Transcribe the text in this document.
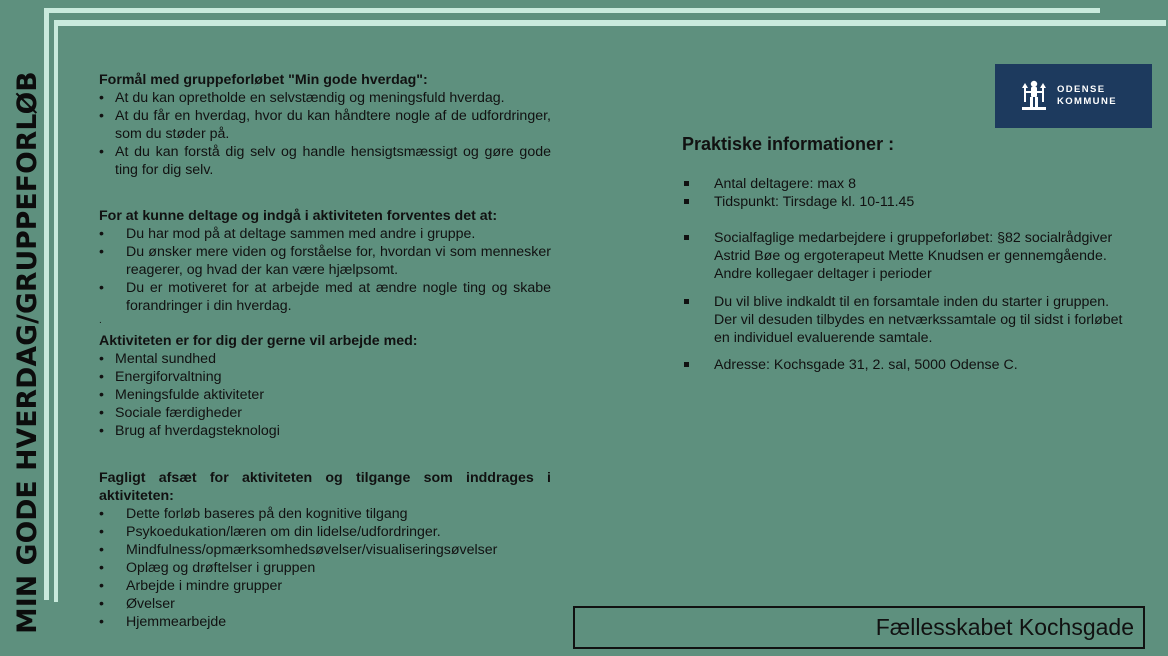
MIN GODE HVERDAG/GRUPPEFORLØB	Formål med gruppeforløbet "Min gode hverdag":
• At du kan opretholde en selvstændig og meningsfuld hverdag.
• At du får en hverdag, hvor du kan håndtere nogle af de udfordringer, som du støder på.
• At du kan forstå dig selv og handle hensigtsmæssigt og gøre gode ting for dig selv.
For at kunne deltage og indgå i aktiviteten forventes det at:
• Du har mod på at deltage sammen med andre i gruppe.
• Du ønsker mere viden og forståelse for, hvordan vi som mennesker reagerer, og hvad der kan være hjælpsomt.
• Du er motiveret for at arbejde med at ændre nogle ting og skabe forandringer i din hverdag.
.
Aktiviteten er for dig der gerne vil arbejde med:
• Mental sundhed
• Energiforvaltning
• Meningsfulde aktiviteter
• Sociale færdigheder
• Brug af hverdagsteknologi
Fagligt afsæt for aktiviteten og tilgange som inddrages i aktiviteten:
• Dette forløb baseres på den kognitive tilgang
• Psykoedukation/læren om din lidelse/udfordringer.
• Mindfulness/opmærksomhedsøvelser/visualiseringsøvelser
• Oplæg og drøftelser i gruppen
• Arbejde i mindre grupper
• Øvelser
• Hjemmearbejde
ODENSE
KOMMUNE
Praktiske informationer :
Antal deltagere: max 8
Tidspunkt: Tirsdage kl. 10-11.45
Socialfaglige medarbejdere i gruppeforløbet: §82 socialrådgiver Astrid Bøe og ergoterapeut Mette Knudsen er gennemgående. Andre kollegaer deltager i perioder
Du vil blive indkaldt til en forsamtale inden du starter i gruppen. Der vil desuden tilbydes en netværkssamtale og til sidst i forløbet en individuel evaluerende samtale.
Adresse: Kochsgade 31, 2. sal, 5000 Odense C.
Fællesskabet Kochsgade
